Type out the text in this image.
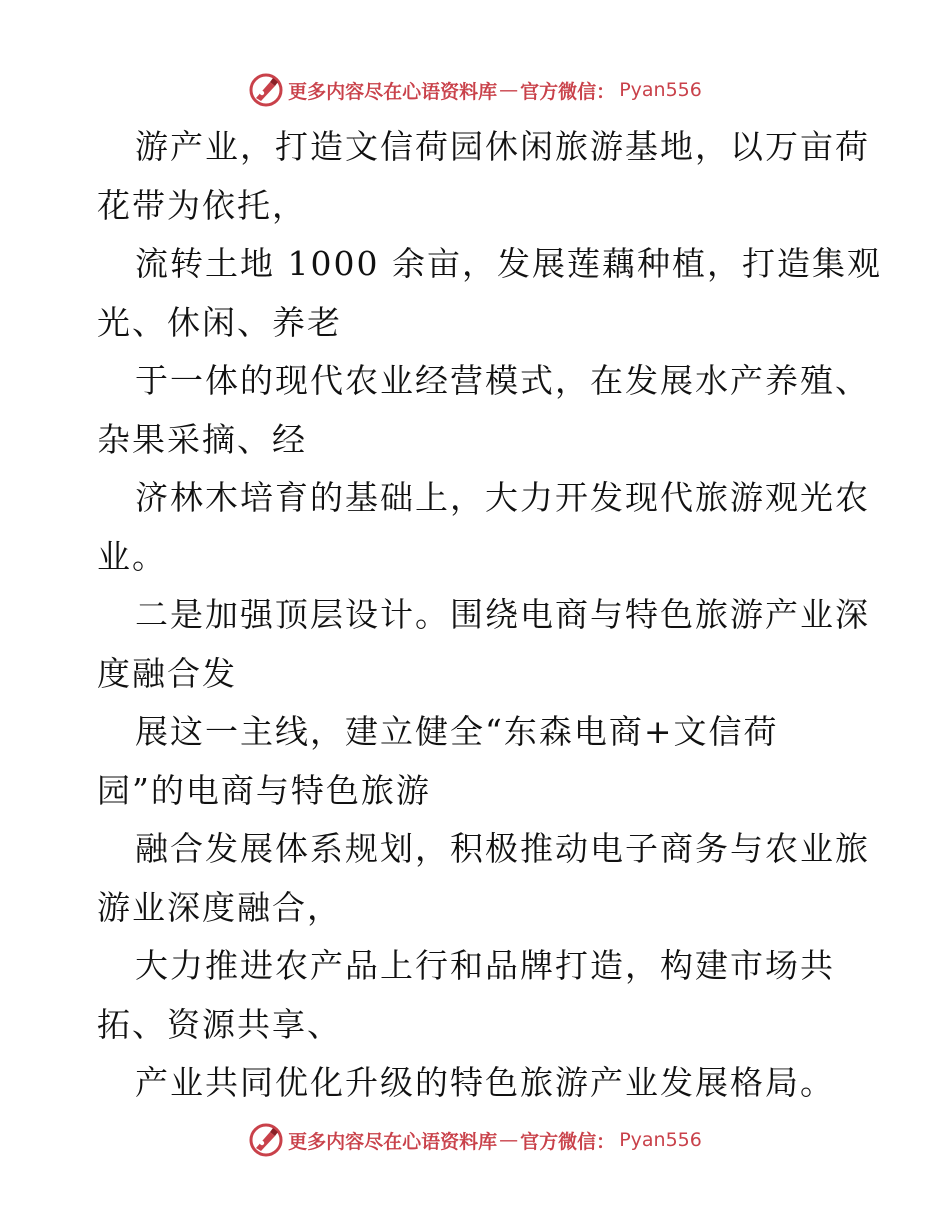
更多内容尽在心语资料库 — 官方微信： Pyan556
游产业，打造文信荷园休闲旅游基地，以万亩荷
花带为依托，
流转土地 1000 余亩，发展莲藕种植，打造集观
光、休闲、养老
于一体的现代农业经营模式，在发展水产养殖、
杂果采摘、经
济林木培育的基础上，大力开发现代旅游观光农
业。
二是加强顶层设计。围绕电商与特色旅游产业深
度融合发
展这一主线，建立健全“东森电商+文信荷
园”的电商与特色旅游
融合发展体系规划，积极推动电子商务与农业旅
游业深度融合，
大力推进农产品上行和品牌打造，构建市场共
拓、资源共享、
产业共同优化升级的特色旅游产业发展格局。
更多内容尽在心语资料库 — 官方微信： Pyan556
